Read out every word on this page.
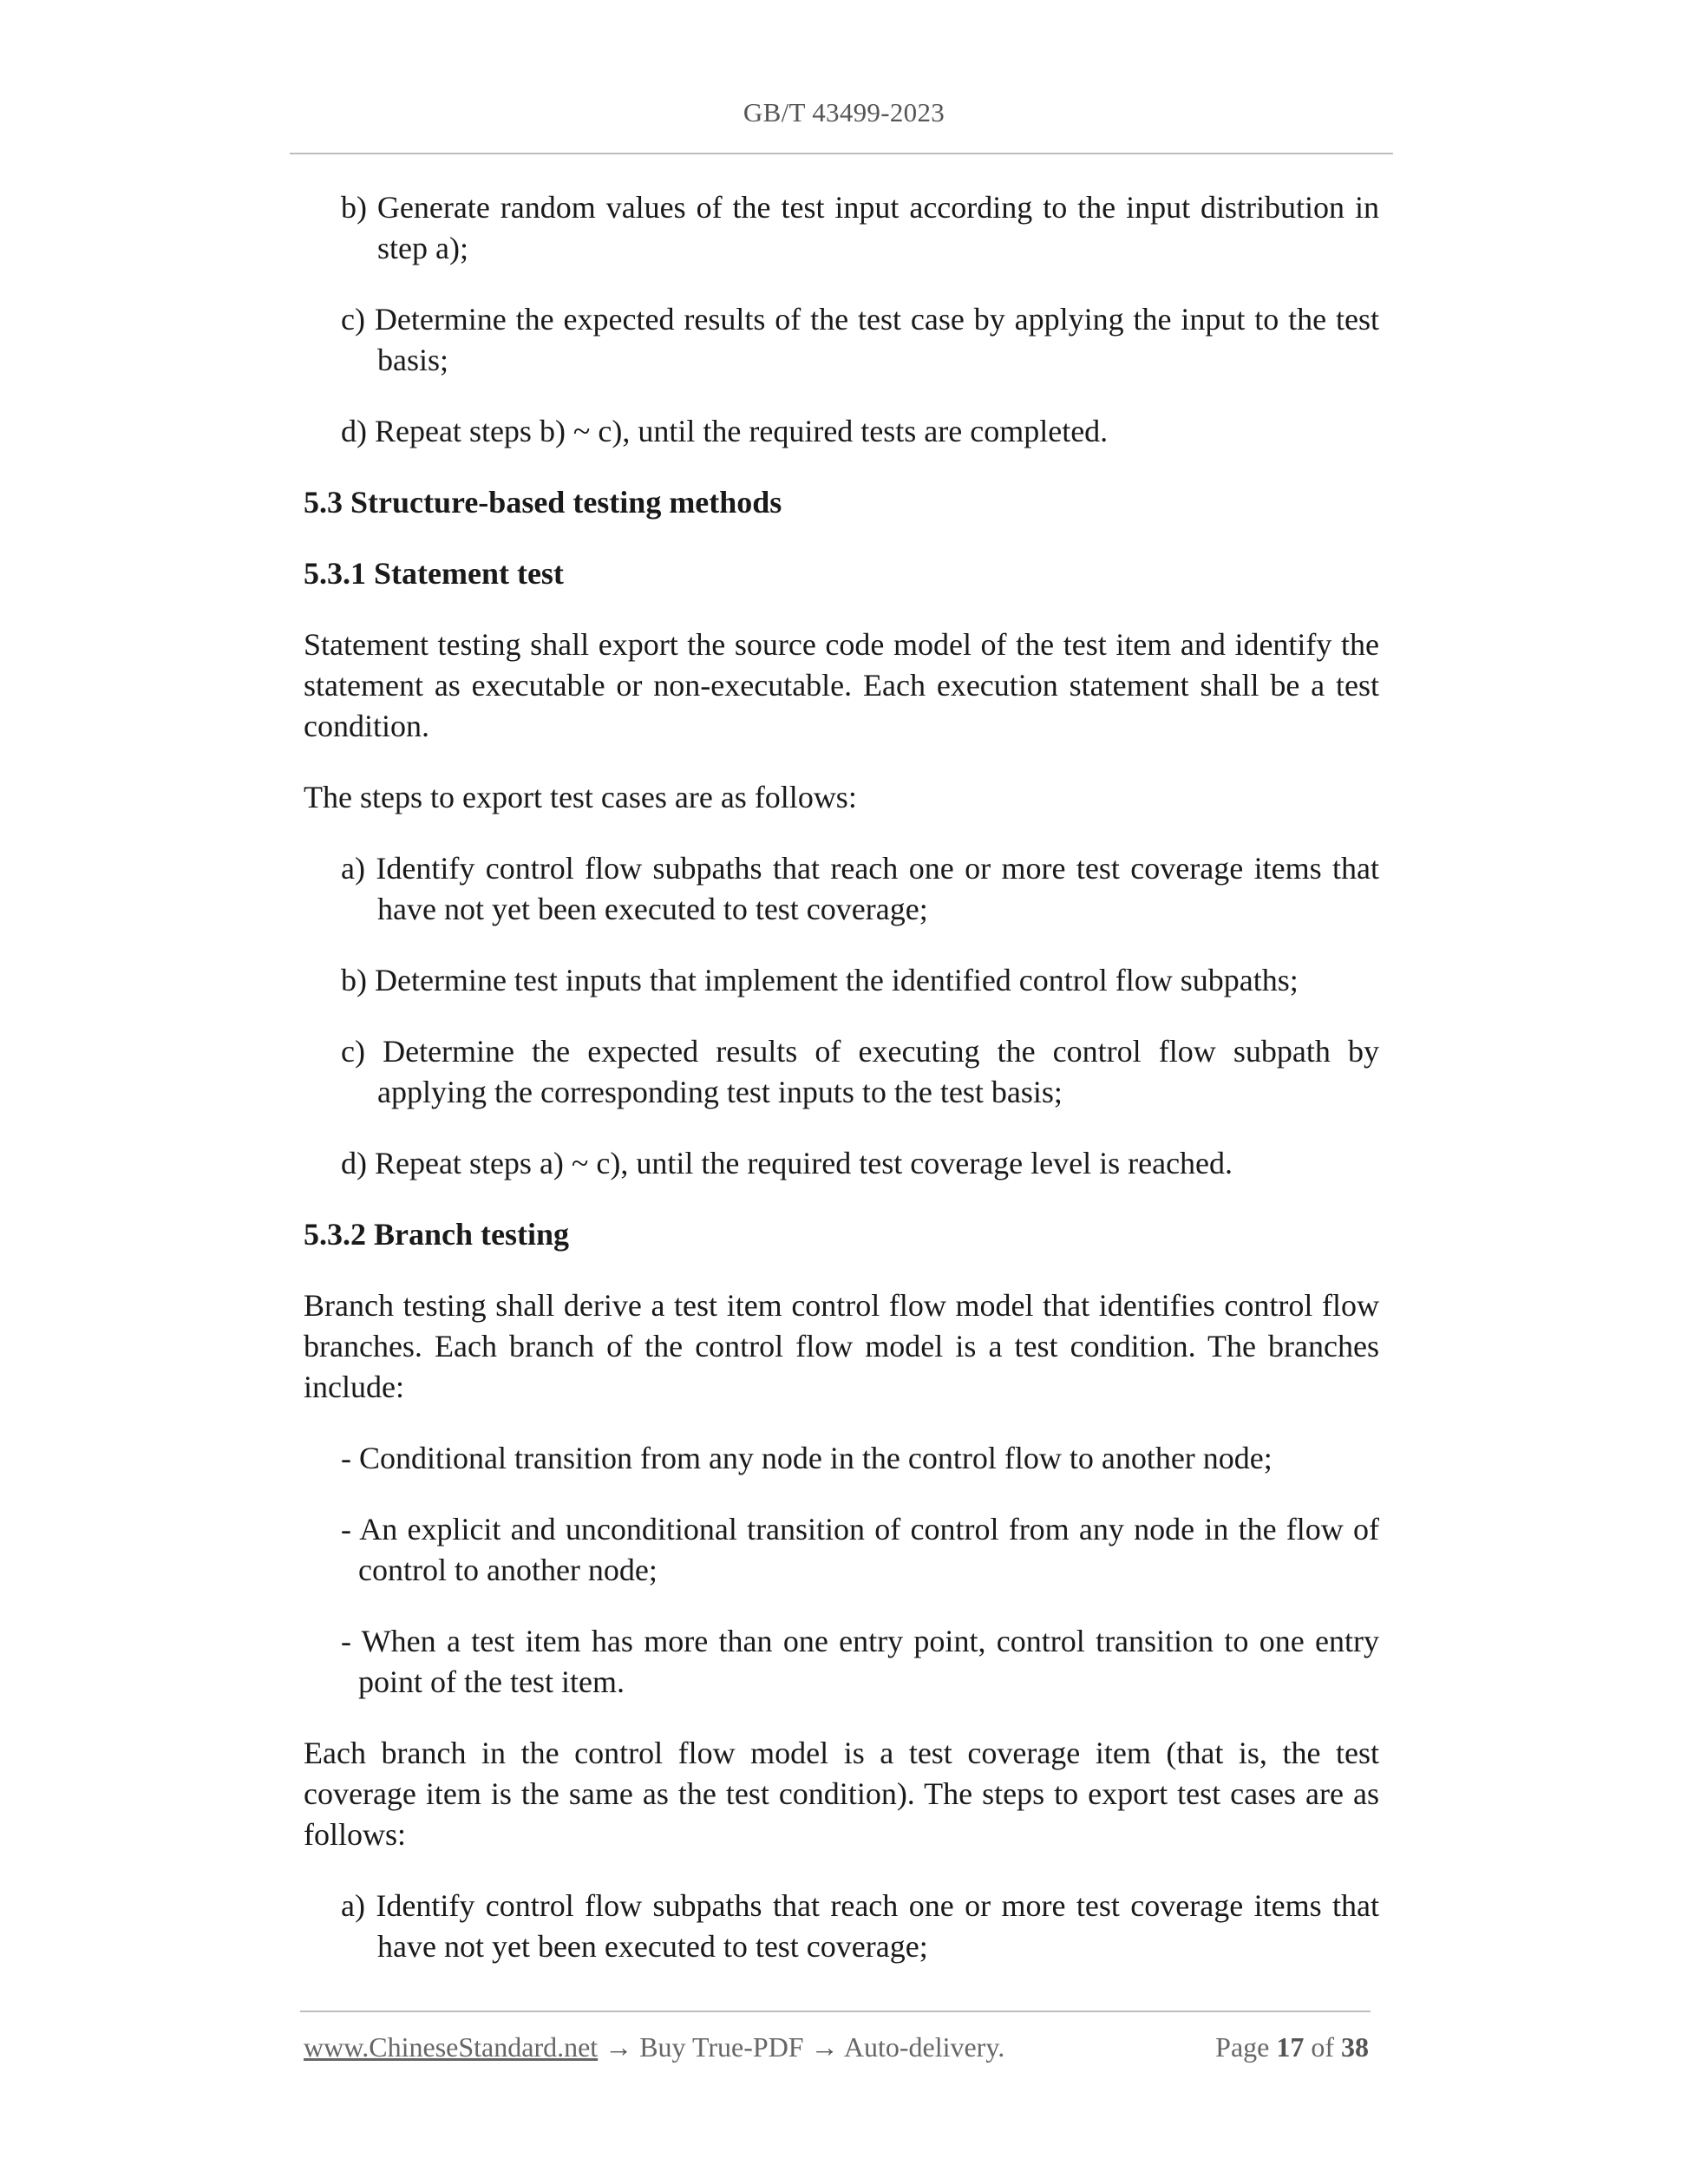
GB/T 43499-2023

b) Generate random values of the test input according to the input distribution in step a);

c) Determine the expected results of the test case by applying the input to the test basis;

d) Repeat steps b) ~ c), until the required tests are completed.

5.3 Structure-based testing methods

5.3.1 Statement test

Statement testing shall export the source code model of the test item and identify the statement as executable or non-executable. Each execution statement shall be a test condition.

The steps to export test cases are as follows:

a) Identify control flow subpaths that reach one or more test coverage items that have not yet been executed to test coverage;

b) Determine test inputs that implement the identified control flow subpaths;

c) Determine the expected results of executing the control flow subpath by applying the corresponding test inputs to the test basis;

d) Repeat steps a) ~ c), until the required test coverage level is reached.

5.3.2 Branch testing

Branch testing shall derive a test item control flow model that identifies control flow branches. Each branch of the control flow model is a test condition. The branches include:

- Conditional transition from any node in the control flow to another node;

- An explicit and unconditional transition of control from any node in the flow of control to another node;

- When a test item has more than one entry point, control transition to one entry point of the test item.

Each branch in the control flow model is a test coverage item (that is, the test coverage item is the same as the test condition). The steps to export test cases are as follows:

a) Identify control flow subpaths that reach one or more test coverage items that have not yet been executed to test coverage;

www.ChineseStandard.net → Buy True-PDF → Auto-delivery.	Page 17 of 38
